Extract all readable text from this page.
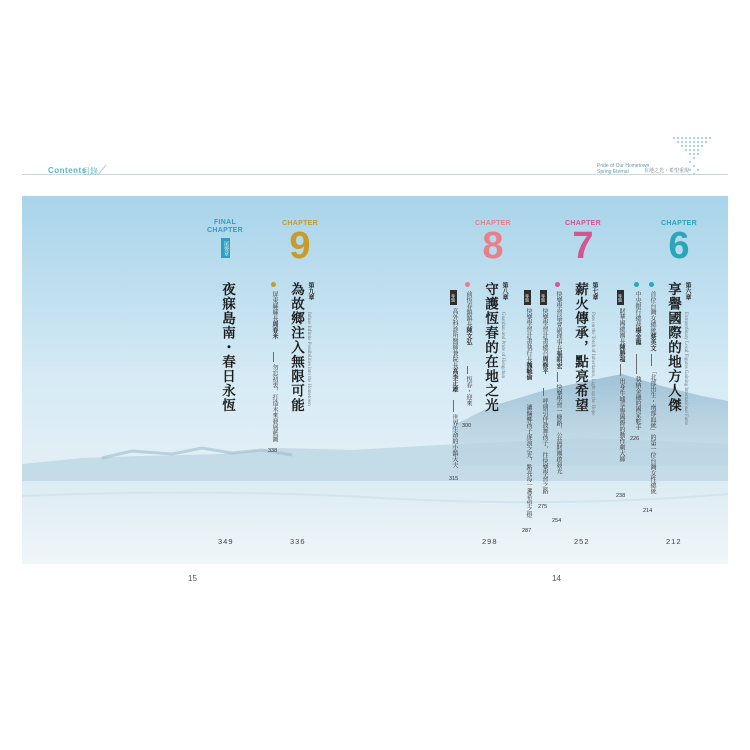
Contents
目錄
Pride of Our Hometown
Spring Eternal	在地之光・希望重現
15	14
CHAPTER
6
第六章
享譽國際的地方人傑 Extraordinary Local Figures Gaining International Fame
首位台灣女總統蔡英文
「北部出生・南部血統」的第一位台灣女性總統
214
中央銀行總裁楊金龍
執納金融的國家舵手
226
專題
財華國總團長陳勝福
出身牛墟享譽國際的動作劇大師
238
212
CHAPTER
7
第七章
薪火傳承，點亮希望 Pass on the Torch of Inheritance, Light up the Hope
快樂學習協會副理事長張明宏
快樂學習一條路，公益財團啟發光
254
專題
快樂學習計畫總召周修平
呼朋引伴鼓舞孩子，往快樂學習之路
275
專題
快樂學習計畫執行長魏毓倫
讓偏鄉孩子逐浪之光，點亮每一盞希望之燈
287
252
CHAPTER
8
第八章
守護恆春的在地之光 Guardian and Pride of Hengchun
前恆春鎮鎮長陳文弘
恆春・迎來
300
專題
高外科診所醫師兼院長高李正雄
世界生命的小鎮大夫
315
298
CHAPTER
9
第九章
為故鄉注入無限可能 Infuse Infinite Possibilities into the Hometown
屏東縣縣長周春米
勿忘初衷，打造未來發展藍圖
338
336
FINAL
CHAPTER
尾聲章
夜寐島南・春日永恆
349
